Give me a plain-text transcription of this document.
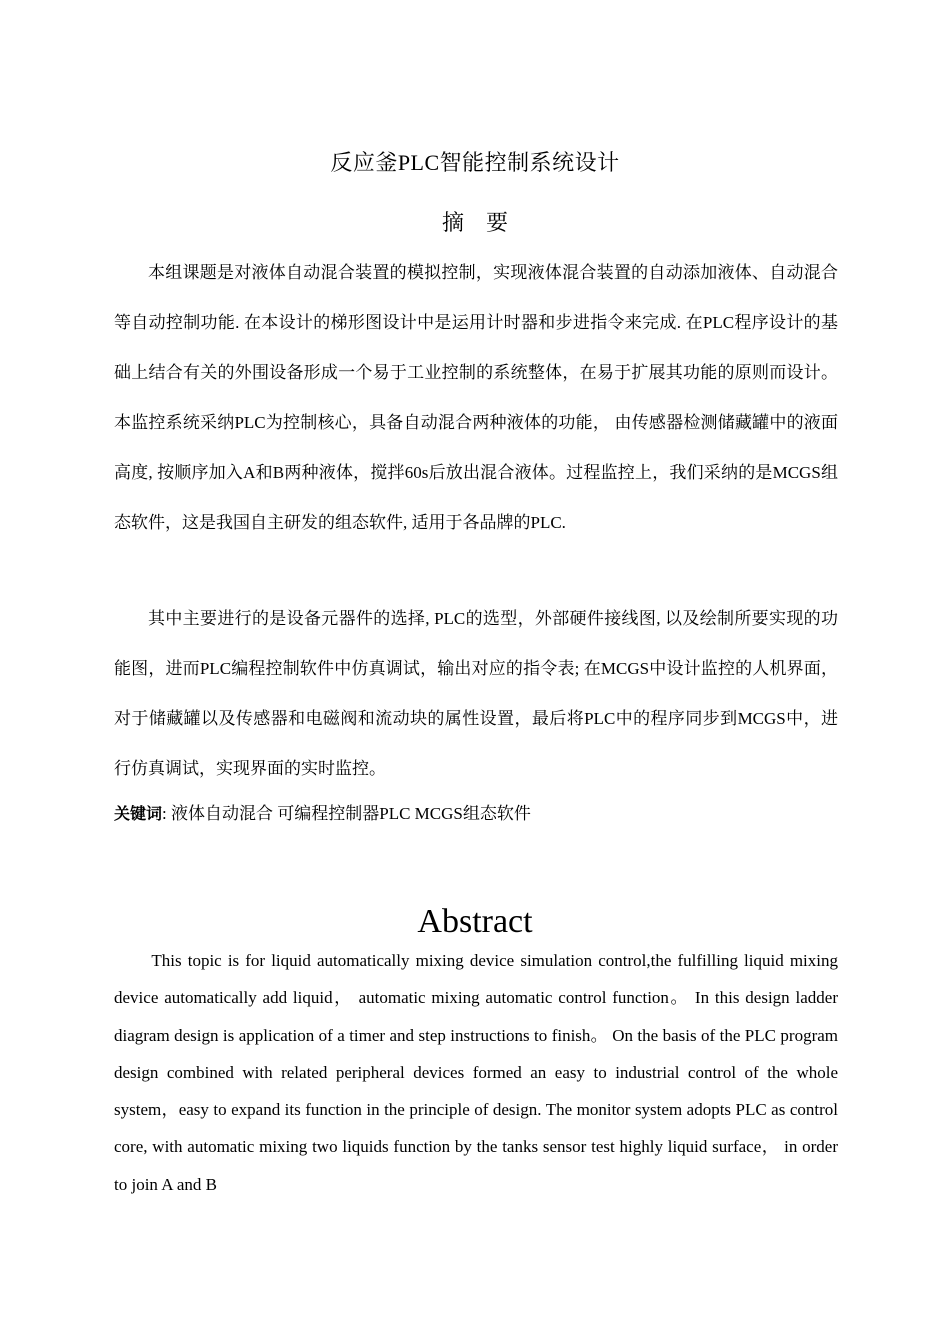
反应釜PLC智能控制系统设计
摘要

本组课题是对液体自动混合装置的模拟控制，实现液体混合装置的自动添加液体、自动混合等自动控制功能. 在本设计的梯形图设计中是运用计时器和步进指令来完成. 在PLC程序设计的基础上结合有关的外围设备形成一个易于工业控制的系统整体，在易于扩展其功能的原则而设计。本监控系统采纳PLC为控制核心，具备自动混合两种液体的功能， 由传感器检测储藏罐中的液面高度, 按顺序加入A和B两种液体，搅拌60s后放出混合液体。过程监控上，我们采纳的是MCGS组态软件，这是我国自主研发的组态软件, 适用于各品牌的PLC.

其中主要进行的是设备元器件的选择, PLC的选型，外部硬件接线图, 以及绘制所要实现的功能图，进而PLC编程控制软件中仿真调试，输出对应的指令表; 在MCGS中设计监控的人机界面，对于储藏罐以及传感器和电磁阀和流动块的属性设置，最后将PLC中的程序同步到MCGS中，进行仿真调试，实现界面的实时监控。

关键词: 液体自动混合 可编程控制器PLC MCGS组态软件
Abstract

This topic is for liquid automatically mixing device simulation control,the fulfilling liquid mixing device automatically add liquid， automatic mixing automatic control function。 In this design ladder diagram design is application of a timer and step instructions to finish。 On the basis of the PLC program design combined with related peripheral devices formed an easy to industrial control of the whole system，easy to expand its function in the principle of design. The monitor system adopts PLC as control core, with automatic mixing two liquids function by the tanks sensor test highly liquid surface， in order to join A and B
